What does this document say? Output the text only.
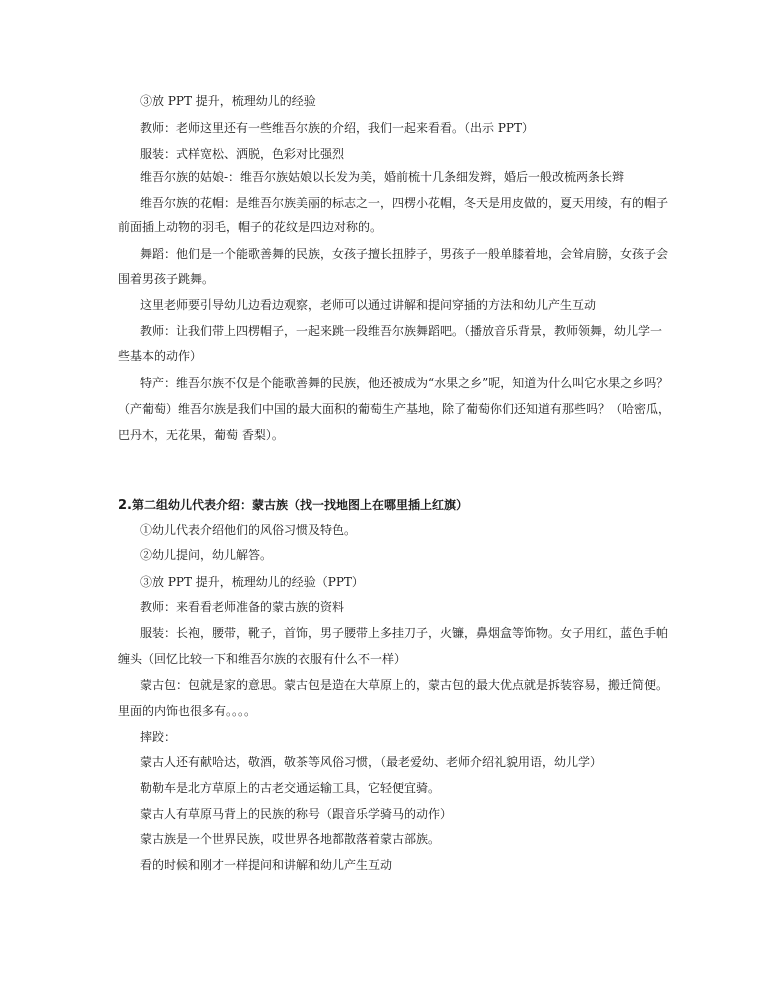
③放 PPT 提升，梳理幼儿的经验
教师：老师这里还有一些维吾尔族的介绍，我们一起来看看。（出示 PPT）
服装：式样宽松、洒脱，色彩对比强烈
维吾尔族的姑娘-：维吾尔族姑娘以长发为美，婚前梳十几条细发辫，婚后一般改梳两条长辫
维吾尔族的花帽：是维吾尔族美丽的标志之一，四楞小花帽，冬天是用皮做的，夏天用绫，有的帽子
前面插上动物的羽毛，帽子的花纹是四边对称的。
舞蹈：他们是一个能歌善舞的民族，女孩子擅长扭脖子，男孩子一般单膝着地，会耸肩膀，女孩子会
围着男孩子跳舞。
这里老师要引导幼儿边看边观察，老师可以通过讲解和提问穿插的方法和幼儿产生互动
教师：让我们带上四楞帽子，一起来跳一段维吾尔族舞蹈吧。（播放音乐背景，教师领舞，幼儿学一
些基本的动作）
特产：维吾尔族不仅是个能歌善舞的民族，他还被成为“水果之乡”呢，知道为什么叫它水果之乡吗？
（产葡萄）维吾尔族是我们中国的最大面积的葡萄生产基地，除了葡萄你们还知道有那些吗？（哈密瓜，
巴丹木，无花果，葡萄 香梨）。
2.第二组幼儿代表介绍：蒙古族（找一找地图上在哪里插上红旗）
①幼儿代表介绍他们的风俗习惯及特色。
②幼儿提问，幼儿解答。
③放 PPT 提升，梳理幼儿的经验（PPT）
教师：来看看老师准备的蒙古族的资料
服装：长袍，腰带，靴子，首饰，男子腰带上多挂刀子，火镰，鼻烟盒等饰物。女子用红，蓝色手帕
缠头（回忆比较一下和维吾尔族的衣服有什么不一样）
蒙古包：包就是家的意思。蒙古包是造在大草原上的，蒙古包的最大优点就是拆装容易，搬迁简便。
里面的内饰也很多有。。。。
摔跤：
蒙古人还有献哈达，敬酒，敬茶等风俗习惯，（最老爱幼、老师介绍礼貌用语，幼儿学）
勒勒车是北方草原上的古老交通运输工具，它轻便宜骑。
蒙古人有草原马背上的民族的称号（跟音乐学骑马的动作）
蒙古族是一个世界民族，哎世界各地都散落着蒙古部族。
看的时候和刚才一样提问和讲解和幼儿产生互动
